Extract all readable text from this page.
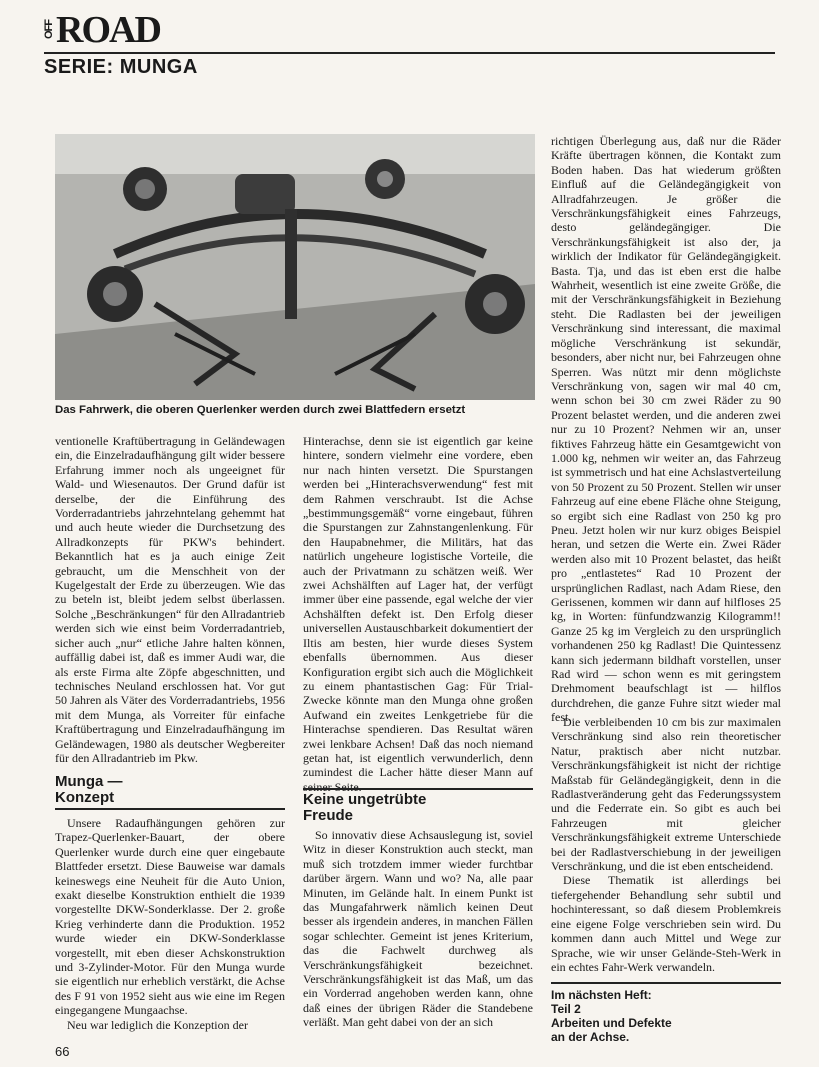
OFF ROAD
SERIE: MUNGA
Das Fahrwerk, die oberen Querlenker werden durch zwei Blattfedern ersetzt

ventionelle Kraftübertragung in Geländewagen ein, die Einzelradaufhängung gilt wider bessere Erfahrung immer noch als ungeeignet für Wald- und Wiesenautos. Der Grund dafür ist derselbe, der die Einführung des Vorderradantriebs jahrzehntelang gehemmt hat und auch heute wieder die Durchsetzung des Allradkonzepts für PKW's behindert. Bekanntlich hat es ja auch einige Zeit gebraucht, um die Menschheit von der Kugelgestalt der Erde zu überzeugen. Wie das zu beteln ist, bleibt jedem selbst überlassen. Solche „Beschränkungen“ für den Allradantrieb werden sich wie einst beim Vorderradantrieb, sicher auch „nur“ etliche Jahre halten können, auffällig dabei ist, daß es immer Audi war, die als erste Firma alte Zöpfe abgeschnitten, und technisches Neuland erschlossen hat. Vor gut 50 Jahren als Väter des Vorderradantriebs, 1956 mit dem Munga, als Vorreiter für einfache Kraftübertragung und Einzelradaufhängung im Geländewagen, 1980 als deutscher Wegbereiter für den Allradantrieb im Pkw.

Munga —
Konzept

Unsere Radaufhängungen gehören zur Trapez-Querlenker-Bauart, der obere Querlenker wurde durch eine quer eingebaute Blattfeder ersetzt. Diese Bauweise war damals keineswegs eine Neuheit für die Auto Union, exakt dieselbe Konstruktion enthielt die 1939 vorgestellte DKW-Sonderklasse. Der 2. große Krieg verhinderte dann die Produktion. 1952 wurde wieder ein DKW-Sonderklasse vorgestellt, mit eben dieser Achskonstruktion und 3-Zylinder-Motor. Für den Munga wurde sie eigentlich nur erheblich verstärkt, die Achse des F 91 von 1952 sieht aus wie eine im Regen eingegangene Mungaachse.

Neu war lediglich die Konzeption der

Hinterachse, denn sie ist eigentlich gar keine hintere, sondern vielmehr eine vordere, eben nur nach hinten versetzt. Die Spurstangen werden bei „Hinterachsverwendung“ fest mit dem Rahmen verschraubt. Ist die Achse „bestimmungsgemäß“ vorne eingebaut, führen die Spurstangen zur Zahnstangenlenkung. Für den Haupabnehmer, die Militärs, hat das natürlich ungeheure logistische Vorteile, die auch der Privatmann zu schätzen weiß. Wer zwei Achshälften auf Lager hat, der verfügt immer über eine passende, egal welche der vier Achshälften defekt ist. Den Erfolg dieser universellen Austauschbarkeit dokumentiert der Iltis am besten, hier wurde dieses System ebenfalls übernommen. Aus dieser Konfiguration ergibt sich auch die Möglichkeit zu einem phantastischen Gag: Für Trial-Zwecke könnte man den Munga ohne großen Aufwand ein zweites Lenkgetriebe für die Hinterachse spendieren. Das Resultat wären zwei lenkbare Achsen! Daß das noch niemand getan hat, ist eigentlich verwunderlich, denn zumindest die Lacher hätte dieser Mann auf seiner Seite.

Keine ungetrübte
Freude

So innovativ diese Achsauslegung ist, soviel Witz in dieser Konstruktion auch steckt, man muß sich trotzdem immer wieder furchtbar darüber ärgern. Wann und wo? Na, alle paar Minuten, im Gelände halt. In einem Punkt ist das Mungafahrwerk nämlich keinen Deut besser als irgendein anderes, in manchen Fällen sogar schlechter. Gemeint ist jenes Kriterium, das die Fachwelt durchweg als Verschränkungsfähigkeit bezeichnet. Verschränkungsfähigkeit ist das Maß, um das ein Vorderrad angehoben werden kann, ohne daß eines der übrigen Räder die Standebene verläßt. Man geht dabei von der an sich

richtigen Überlegung aus, daß nur die Räder Kräfte übertragen können, die Kontakt zum Boden haben. Das hat wiederum größten Einfluß auf die Geländegängigkeit von Allradfahrzeugen. Je größer die Verschränkungsfähigkeit eines Fahrzeugs, desto geländegängiger. Die Verschränkungsfähigkeit ist also der, ja wirklich der Indikator für Geländegängigkeit. Basta. Tja, und das ist eben erst die halbe Wahrheit, wesentlich ist eine zweite Größe, die mit der Verschränkungsfähigkeit in Beziehung steht. Die Radlasten bei der jeweiligen Verschränkung sind interessant, die maximal mögliche Verschränkung ist sekundär, besonders, aber nicht nur, bei Fahrzeugen ohne Sperren. Was nützt mir denn möglichste Verschränkung von, sagen wir mal 40 cm, wenn schon bei 30 cm zwei Räder zu 90 Prozent belastet werden, und die anderen zwei nur zu 10 Prozent? Nehmen wir an, unser fiktives Fahrzeug hätte ein Gesamtgewicht von 1.000 kg, nehmen wir weiter an, das Fahrzeug ist symmetrisch und hat eine Achslastverteilung von 50 Prozent zu 50 Prozent. Stellen wir unser Fahrzeug auf eine ebene Fläche ohne Steigung, so ergibt sich eine Radlast von 250 kg pro Pneu. Jetzt holen wir nur kurz obiges Beispiel heran, und setzen die Werte ein. Zwei Räder werden also mit 10 Prozent belastet, das heißt pro „entlastetes“ Rad 10 Prozent der ursprünglichen Radlast, nach Adam Riese, den Gerissenen, kommen wir dann auf hilfloses 25 kg, in Worten: fünfundzwanzig Kilogramm!! Ganze 25 kg im Vergleich zu den ursprünglich vorhandenen 250 kg Radlast! Die Quintessenz kann sich jedermann bildhaft vorstellen, unser Rad wird — schon wenn es mit geringstem Drehmoment beaufschlagt ist — hilflos durchdrehen, die ganze Fuhre sitzt wieder mal fest.

Die verbleibenden 10 cm bis zur maximalen Verschränkung sind also rein theoretischer Natur, praktisch aber nicht nutzbar. Verschränkungsfähigkeit ist nicht der richtige Maßstab für Geländegängigkeit, denn in die Radlastveränderung geht das Federungssystem und die Federrate ein. So gibt es auch bei Fahrzeugen mit gleicher Verschränkungsfähigkeit extreme Unterschiede bei der Radlastverschiebung in der jeweiligen Verschränkung, und die ist eben entscheidend.

Diese Thematik ist allerdings bei tiefergehender Behandlung sehr subtil und hochinteressant, so daß diesem Problemkreis eine eigene Folge verschrieben sein wird. Du kommen dann auch Mittel und Wege zur Sprache, wie wir unser Gelände-Steh-Werk in ein echtes Fahr-Werk verwandeln.

Im nächsten Heft:
Teil 2
Arbeiten und Defekte
an der Achse.
66
